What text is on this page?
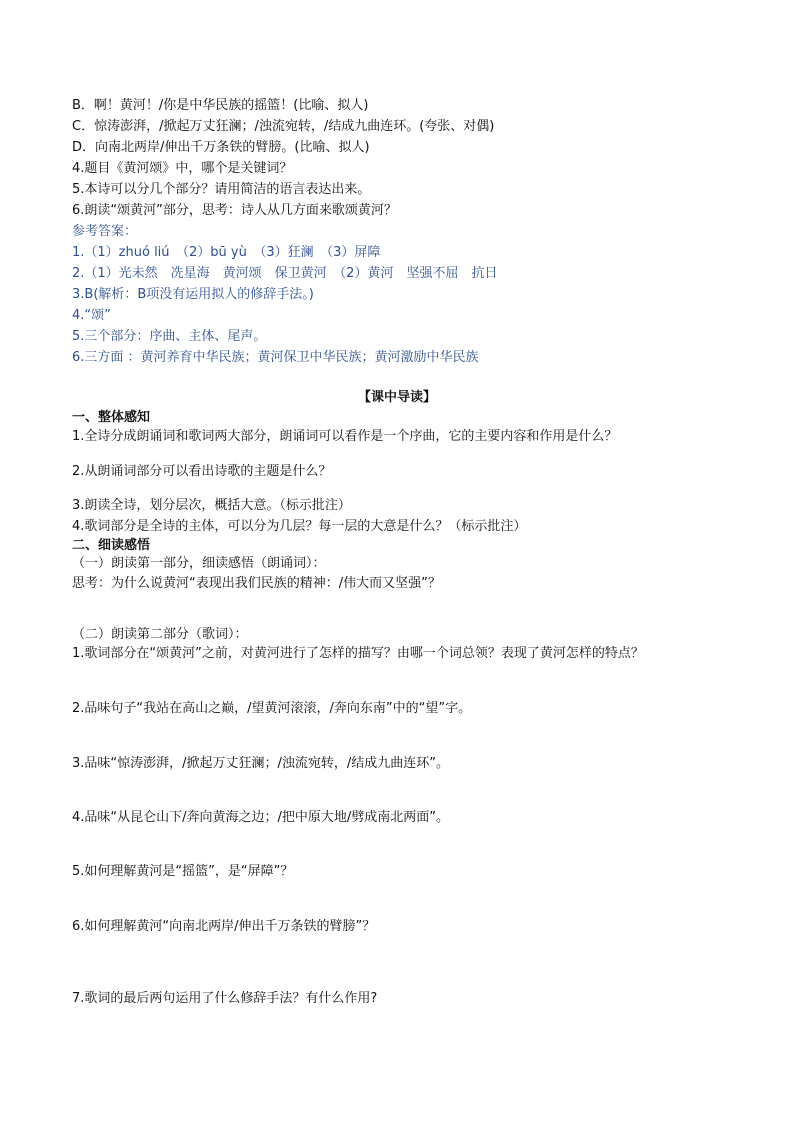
B．啊！黄河！/你是中华民族的摇篮！(比喻、拟人)
C．惊涛澎湃，/掀起万丈狂澜；/浊流宛转，/结成九曲连环。(夸张、对偶)
D．向南北两岸/伸出千万条铁的臂膀。(比喻、拟人)
4.题目《黄河颂》中，哪个是关键词？
5.本诗可以分几个部分？请用简洁的语言表达出来。
6.朗读“颂黄河”部分，思考：诗人从几方面来歌颂黄河？
参考答案：
1.（1）zhuó liú　（2）bū yù　（3）狂澜　（3）屏障
2.（1）光未然　冼星海　黄河颂　保卫黄河　（2）黄河　坚强不屈　抗日
3.B(解析：B项没有运用拟人的修辞手法。)
4.“颂”
5.三个部分：序曲、主体、尾声。
6.三方面 ：黄河养育中华民族；黄河保卫中华民族；黄河激励中华民族
【课中导读】
一、整体感知
1.全诗分成朗诵词和歌词两大部分，朗诵词可以看作是一个序曲，它的主要内容和作用是什么？
2.从朗诵词部分可以看出诗歌的主题是什么？
3.朗读全诗，划分层次，概括大意。（标示批注）
4.歌词部分是全诗的主体，可以分为几层？每一层的大意是什么？（标示批注）
二、细读感悟
（一）朗读第一部分，细读感悟（朗诵词）：
思考：为什么说黄河“表现出我们民族的精神：/伟大而又坚强”？
（二）朗读第二部分（歌词）：
1.歌词部分在“颂黄河”之前，对黄河进行了怎样的描写？由哪一个词总领？表现了黄河怎样的特点？
2.品味句子“我站在高山之巅，/望黄河滚滚，/奔向东南”中的“望”字。
3.品味“惊涛澎湃，/掀起万丈狂澜；/浊流宛转，/结成九曲连环”。
4.品味“从昆仑山下/奔向黄海之边；/把中原大地/劈成南北两面”。
5.如何理解黄河是“摇篮”，是“屏障”？
6.如何理解黄河“向南北两岸/伸出千万条铁的臂膀”？
7.歌词的最后两句运用了什么修辞手法？有什么作用?
